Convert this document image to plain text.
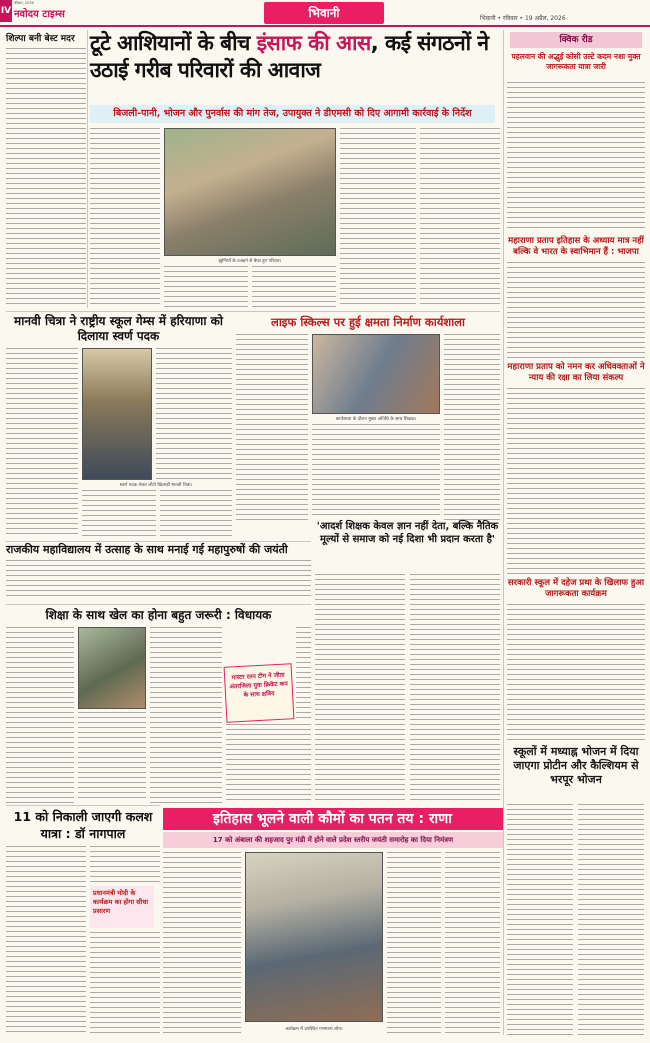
IV
रविवार, 2026
नवोदय टाइम्स	भिवानी	भिवानी • रविवार • 19 अप्रैल, 2026
शिल्पा बनी बेस्ट मदर टूटे आशियानों के बीच इंसाफ की आस, कई संगठनों ने उठाई गरीब परिवारों की आवाज
बिजली-पानी, भोजन और पुनर्वास की मांग तेज, उपायुक्त ने डीएमसी को दिए आगामी कार्रवाई के निर्देश
झुग्गियों के उजड़ने से बेघर हुए परिवार।
क्विक रीड
पहलवान की अद्भुई कोसी उल्टे कदम नशा मुक्त जागरूकता यात्रा जारी
महाराणा प्रताप इतिहास के अध्याय मात्र नहीं बल्कि वे भारत के स्वाभिमान हैं : भाजपा
महाराणा प्रताप को नमन कर अधिवक्ताओं ने न्याय की रक्षा का लिया संकल्प
सरकारी स्कूल में दहेज प्रथा के खिलाफ हुआ जागरूकता कार्यक्रम
स्कूलों में मध्याह्न भोजन में दिया जाएगा प्रोटीन और कैल्शियम से भरपूर भोजन
मानवी चित्रा ने राष्ट्रीय स्कूल गेम्स में हरियाणा को दिलाया स्वर्ण पदक
स्वर्ण पदक लेकर लौटी खिलाड़ी मानवी चित्रा।
लाइफ स्किल्स पर हुई क्षमता निर्माण कार्यशाला
कार्यशाला के दौरान मुख्य अतिथि के साथ शिक्षक।
राजकीय महाविद्यालय में उत्साह के साथ मनाई गई महापुरुषों की जयंती
'आदर्श शिक्षक केवल ज्ञान नहीं देता, बल्कि नैतिक मूल्यों से समाज को नई दिशा भी प्रदान करता है'
शिक्षा के साथ खेल का होना बहुत जरूरी : विधायक
मास्टर रतन टीम ने जीता अंतरजिला युवा क्रिकेट कप के साथ क्षत्रिय
इतिहास भूलने वाली कौमों का पतन तय : राणा
17 को अंबाला की शहजाद पुर मंडी में होने वाले प्रदेश स्तरीय जयंती समारोह का दिया निमंत्रण
कार्यक्रम में उपस्थित गणमान्य लोग।
11 को निकाली जाएगी कलश यात्रा : डॉ नागपाल
प्रधानमंत्री मोदी के कार्यक्रम का होगा सीधा प्रसारण
